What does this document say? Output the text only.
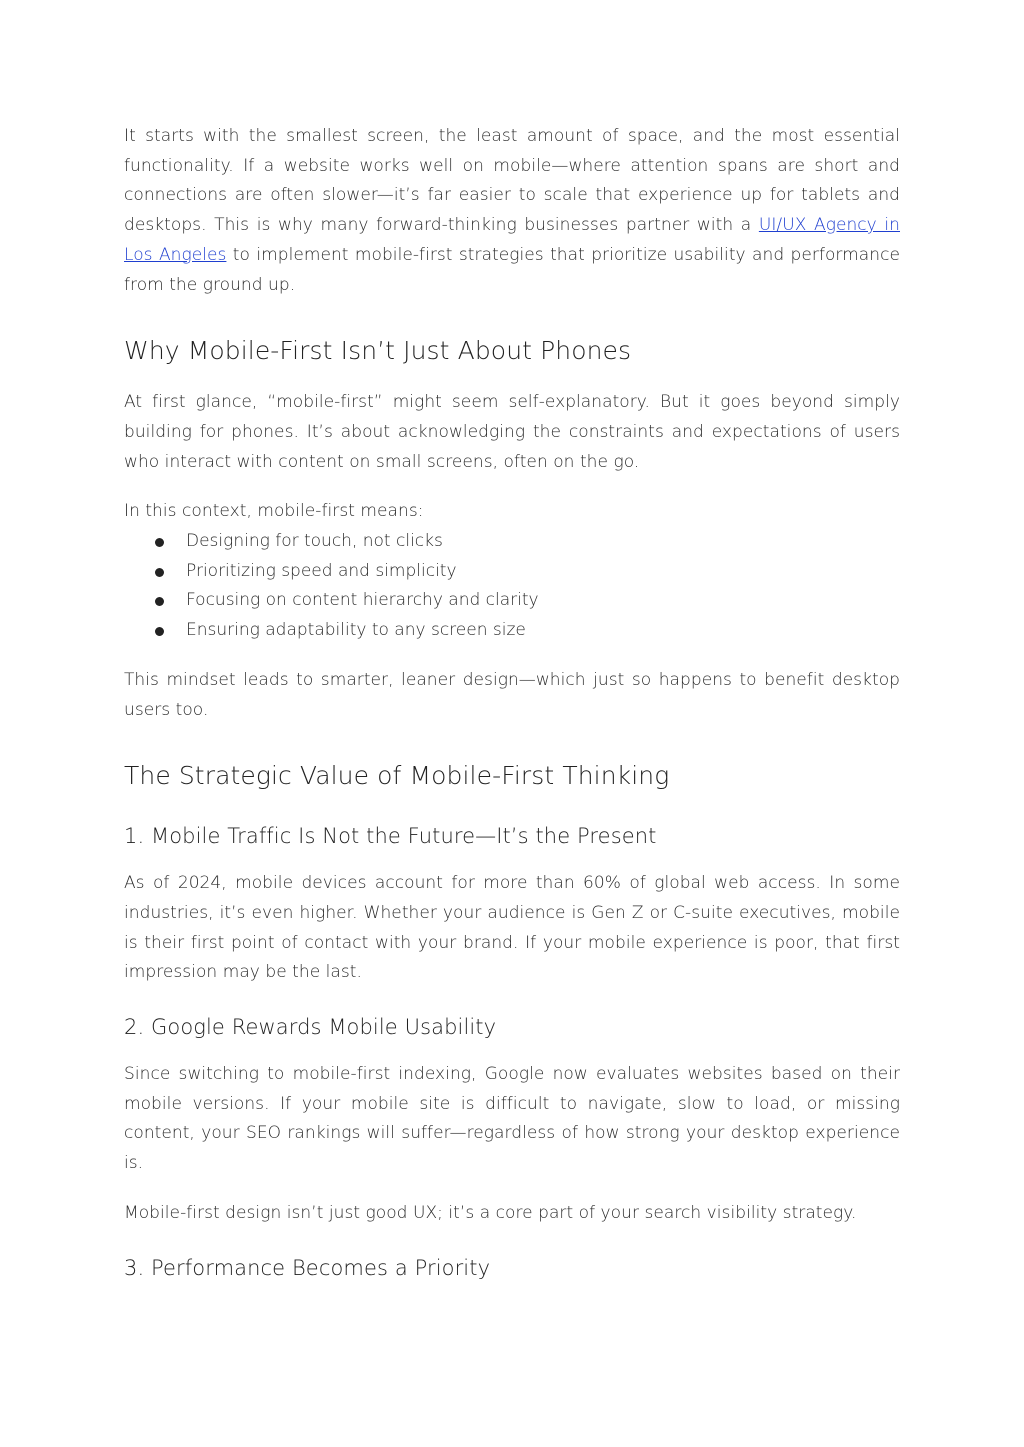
It starts with the smallest screen, the least amount of space, and the most essential functionality. If a website works well on mobile—where attention spans are short and connections are often slower—it’s far easier to scale that experience up for tablets and desktops. This is why many forward-thinking businesses partner with a UI/UX Agency in Los Angeles to implement mobile-first strategies that prioritize usability and performance from the ground up.

Why Mobile-First Isn’t Just About Phones

At first glance, “mobile-first” might seem self-explanatory. But it goes beyond simply building for phones. It’s about acknowledging the constraints and expectations of users who interact with content on small screens, often on the go.

In this context, mobile-first means:

Designing for touch, not clicks
Prioritizing speed and simplicity
Focusing on content hierarchy and clarity
Ensuring adaptability to any screen size

This mindset leads to smarter, leaner design—which just so happens to benefit desktop users too.

The Strategic Value of Mobile-First Thinking
1. Mobile Traffic Is Not the Future—It’s the Present

As of 2024, mobile devices account for more than 60% of global web access. In some industries, it’s even higher. Whether your audience is Gen Z or C-suite executives, mobile is their first point of contact with your brand. If your mobile experience is poor, that first impression may be the last.

2. Google Rewards Mobile Usability

Since switching to mobile-first indexing, Google now evaluates websites based on their mobile versions. If your mobile site is difficult to navigate, slow to load, or missing content, your SEO rankings will suffer—regardless of how strong your desktop experience is.

Mobile-first design isn’t just good UX; it’s a core part of your search visibility strategy.

3. Performance Becomes a Priority
